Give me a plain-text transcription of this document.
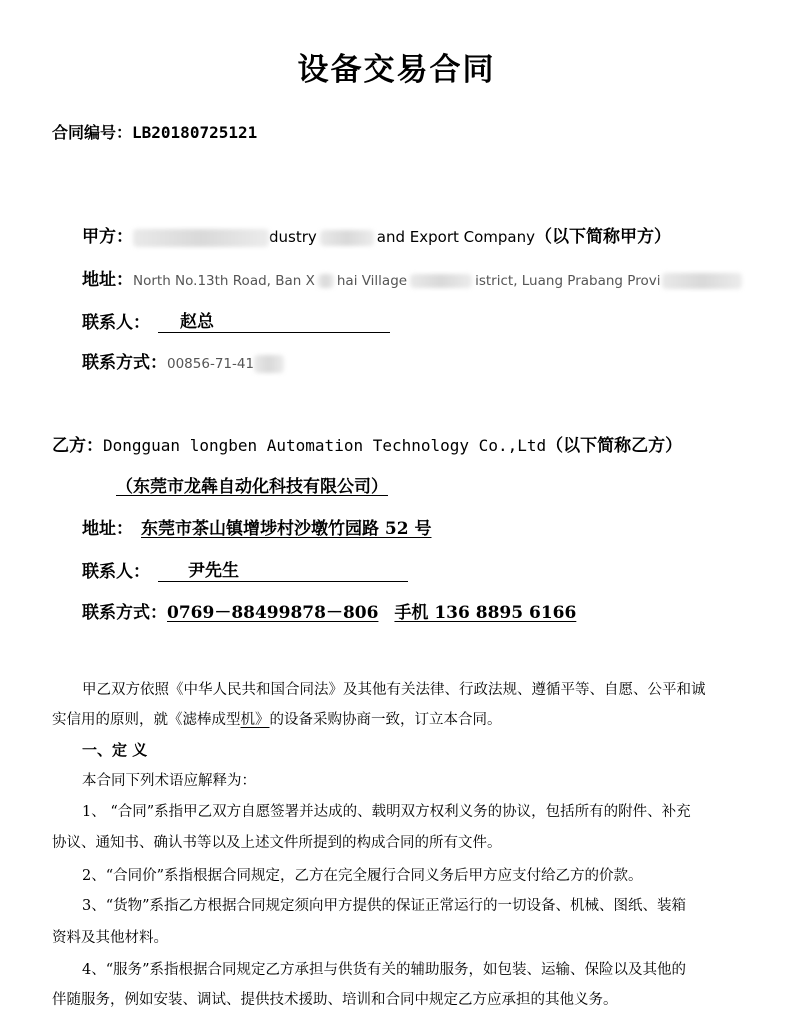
设备交易合同
合同编号：LB20180725121
甲方：	dustry	and Export Company（以下简称甲方）
地址：North No.13th Road, Ban X hai Village	istrict, Luang Prabang Provi
联系人： 赵总
联系方式：00856-71-41
乙方：Dongguan longben Automation Technology Co.,Ltd（以下简称乙方）
（东莞市龙犇自动化科技有限公司）
地址： 东莞市茶山镇增埗村沙墩竹园路 52 号
联系人： 尹先生
联系方式：0769－88499878－806 手机 136 8895 6166
甲乙双方依照《中华人民共和国合同法》及其他有关法律、行政法规、遵循平等、自愿、公平和诚
实信用的原则，就《滤棒成型机》的设备采购协商一致，订立本合同。
一、定 义
本合同下列术语应解释为：
1、 “合同”系指甲乙双方自愿签署并达成的、载明双方权利义务的协议，包括所有的附件、补充
协议、通知书、确认书等以及上述文件所提到的构成合同的所有文件。
2、“合同价”系指根据合同规定，乙方在完全履行合同义务后甲方应支付给乙方的价款。
3、“货物”系指乙方根据合同规定须向甲方提供的保证正常运行的一切设备、机械、图纸、装箱
资料及其他材料。
4、“服务”系指根据合同规定乙方承担与供货有关的辅助服务，如包装、运输、保险以及其他的
伴随服务，例如安装、调试、提供技术援助、培训和合同中规定乙方应承担的其他义务。
